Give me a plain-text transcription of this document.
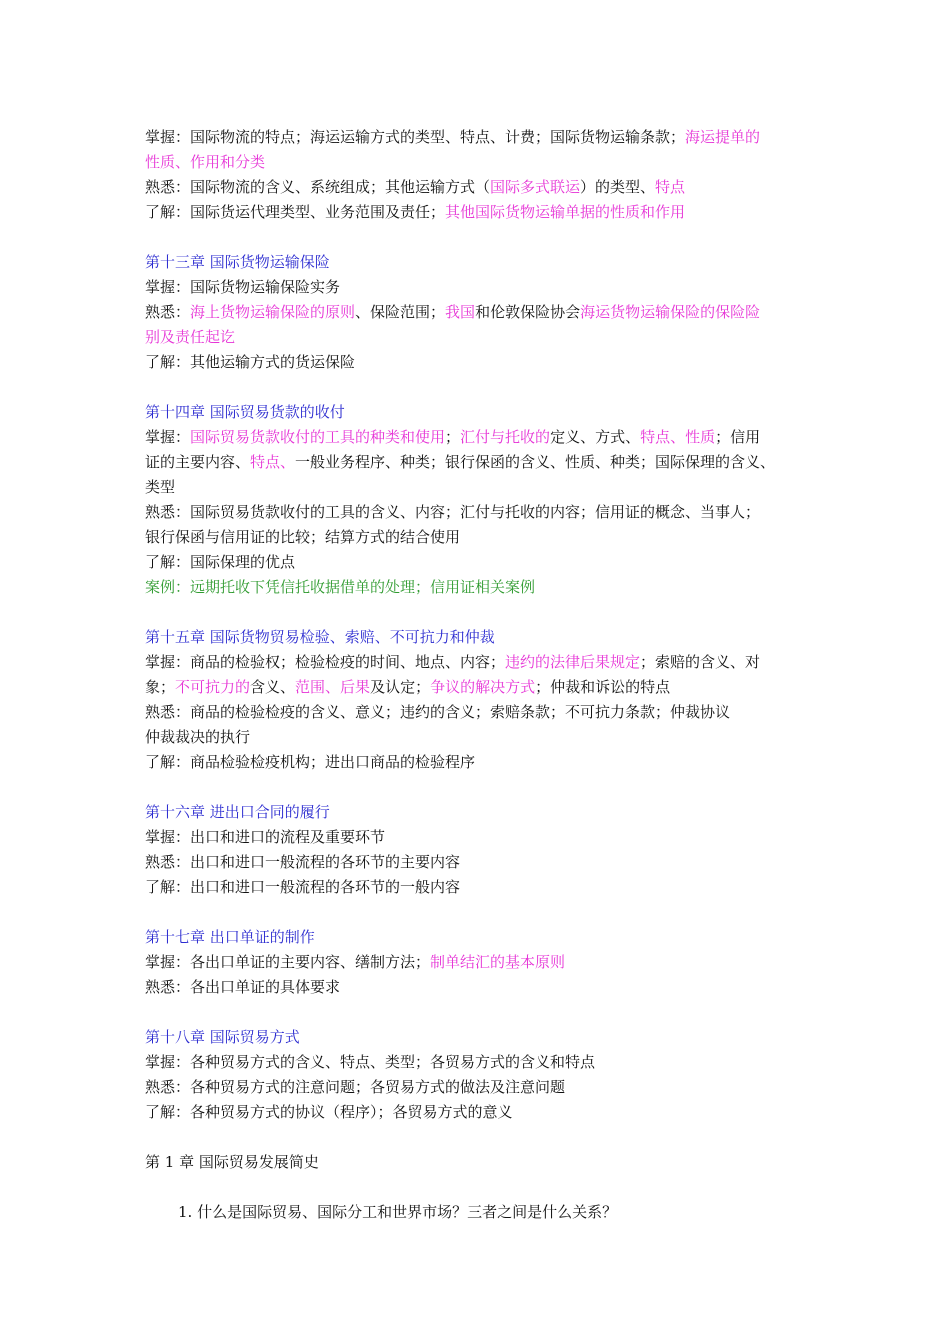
掌握：国际物流的特点；海运运输方式的类型、特点、计费；国际货物运输条款；海运提单的
性质、作用和分类
熟悉：国际物流的含义、系统组成；其他运输方式（国际多式联运）的类型、特点
了解：国际货运代理类型、业务范围及责任；其他国际货物运输单据的性质和作用
第十三章 国际货物运输保险
掌握：国际货物运输保险实务
熟悉：海上货物运输保险的原则、保险范围；我国和伦敦保险协会海运货物运输保险的保险险
别及责任起讫
了解：其他运输方式的货运保险
第十四章 国际贸易货款的收付
掌握：国际贸易货款收付的工具的种类和使用；汇付与托收的定义、方式、特点、性质；信用
证的主要内容、特点、一般业务程序、种类；银行保函的含义、性质、种类；国际保理的含义、
类型
熟悉：国际贸易货款收付的工具的含义、内容；汇付与托收的内容；信用证的概念、当事人；
银行保函与信用证的比较；结算方式的结合使用
了解：国际保理的优点
案例：远期托收下凭信托收据借单的处理；信用证相关案例
第十五章 国际货物贸易检验、索赔、不可抗力和仲裁
掌握：商品的检验权；检验检疫的时间、地点、内容；违约的法律后果规定；索赔的含义、对
象；不可抗力的含义、范围、后果及认定；争议的解决方式；仲裁和诉讼的特点
熟悉：商品的检验检疫的含义、意义；违约的含义；索赔条款；不可抗力条款；仲裁协议
仲裁裁决的执行
了解：商品检验检疫机构；进出口商品的检验程序
第十六章 进出口合同的履行
掌握：出口和进口的流程及重要环节
熟悉：出口和进口一般流程的各环节的主要内容
了解：出口和进口一般流程的各环节的一般内容
第十七章 出口单证的制作
掌握：各出口单证的主要内容、缮制方法；制单结汇的基本原则
熟悉：各出口单证的具体要求
第十八章 国际贸易方式
掌握：各种贸易方式的含义、特点、类型；各贸易方式的含义和特点
熟悉：各种贸易方式的注意问题；各贸易方式的做法及注意问题
了解：各种贸易方式的协议（程序）；各贸易方式的意义
第 1 章 国际贸易发展简史
1. 什么是国际贸易、国际分工和世界市场？三者之间是什么关系？
